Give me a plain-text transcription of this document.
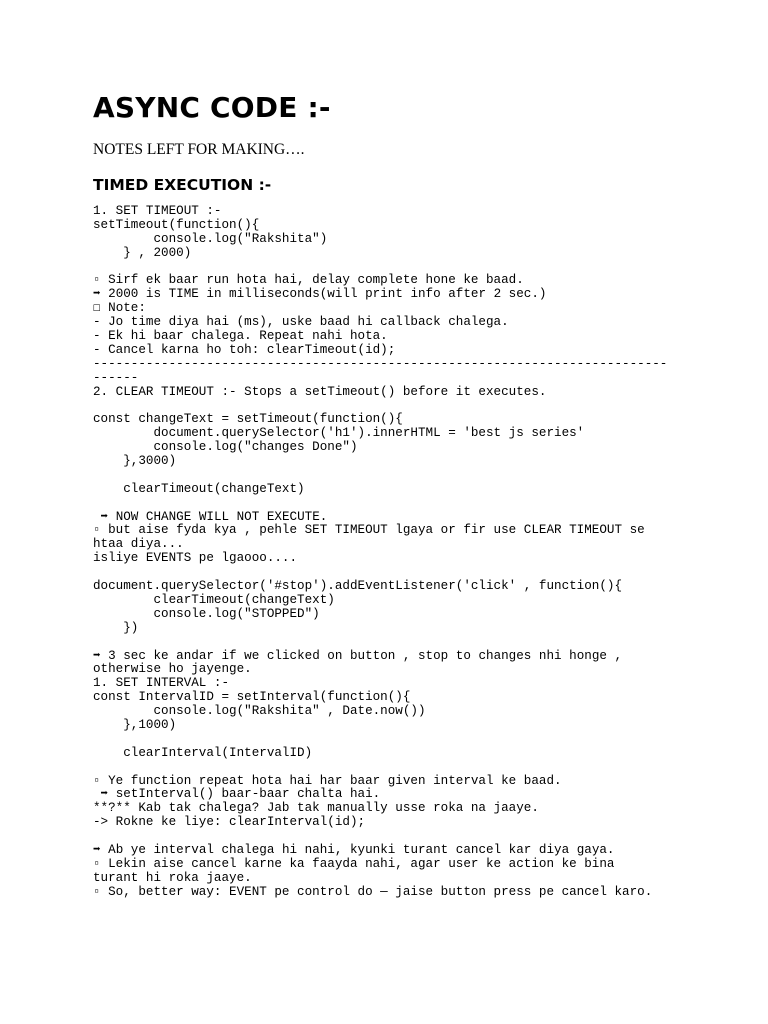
ASYNC CODE :-

NOTES LEFT FOR MAKING….

TIMED EXECUTION :-
1. SET TIMEOUT :-
setTimeout(function(){
console.log("Rakshita")
} , 2000)
▫ Sirf ek baar run hota hai, delay complete hone ke baad.
➡ 2000 is TIME in milliseconds(will print info after 2 sec.)
☐ Note:
- Jo time diya hai (ms), uske baad hi callback chalega.
- Ek hi baar chalega. Repeat nahi hota.
- Cancel karna ho toh: clearTimeout(id);
----------------------------------------------------------------------------
------
2. CLEAR TIMEOUT :- Stops a setTimeout() before it executes.
const changeText = setTimeout(function(){
document.querySelector('h1').innerHTML = 'best js series'
console.log("changes Done")
},3000)
clearTimeout(changeText)
➡ NOW CHANGE WILL NOT EXECUTE.
▫ but aise fyda kya , pehle SET TIMEOUT lgaya or fir use CLEAR TIMEOUT se
htaa diya...
isliye EVENTS pe lgaooo....
document.querySelector('#stop').addEventListener('click' , function(){
clearTimeout(changeText)
console.log("STOPPED")
})
➡ 3 sec ke andar if we clicked on button , stop to changes nhi honge ,
otherwise ho jayenge.
1. SET INTERVAL :-
const IntervalID = setInterval(function(){
console.log("Rakshita" , Date.now())
},1000)
clearInterval(IntervalID)
▫ Ye function repeat hota hai har baar given interval ke baad.
➡ setInterval() baar-baar chalta hai.
**?** Kab tak chalega? Jab tak manually usse roka na jaaye.
-> Rokne ke liye: clearInterval(id);
➡ Ab ye interval chalega hi nahi, kyunki turant cancel kar diya gaya.
▫ Lekin aise cancel karne ka faayda nahi, agar user ke action ke bina
turant hi roka jaaye.
▫ So, better way: EVENT pe control do — jaise button press pe cancel karo.
